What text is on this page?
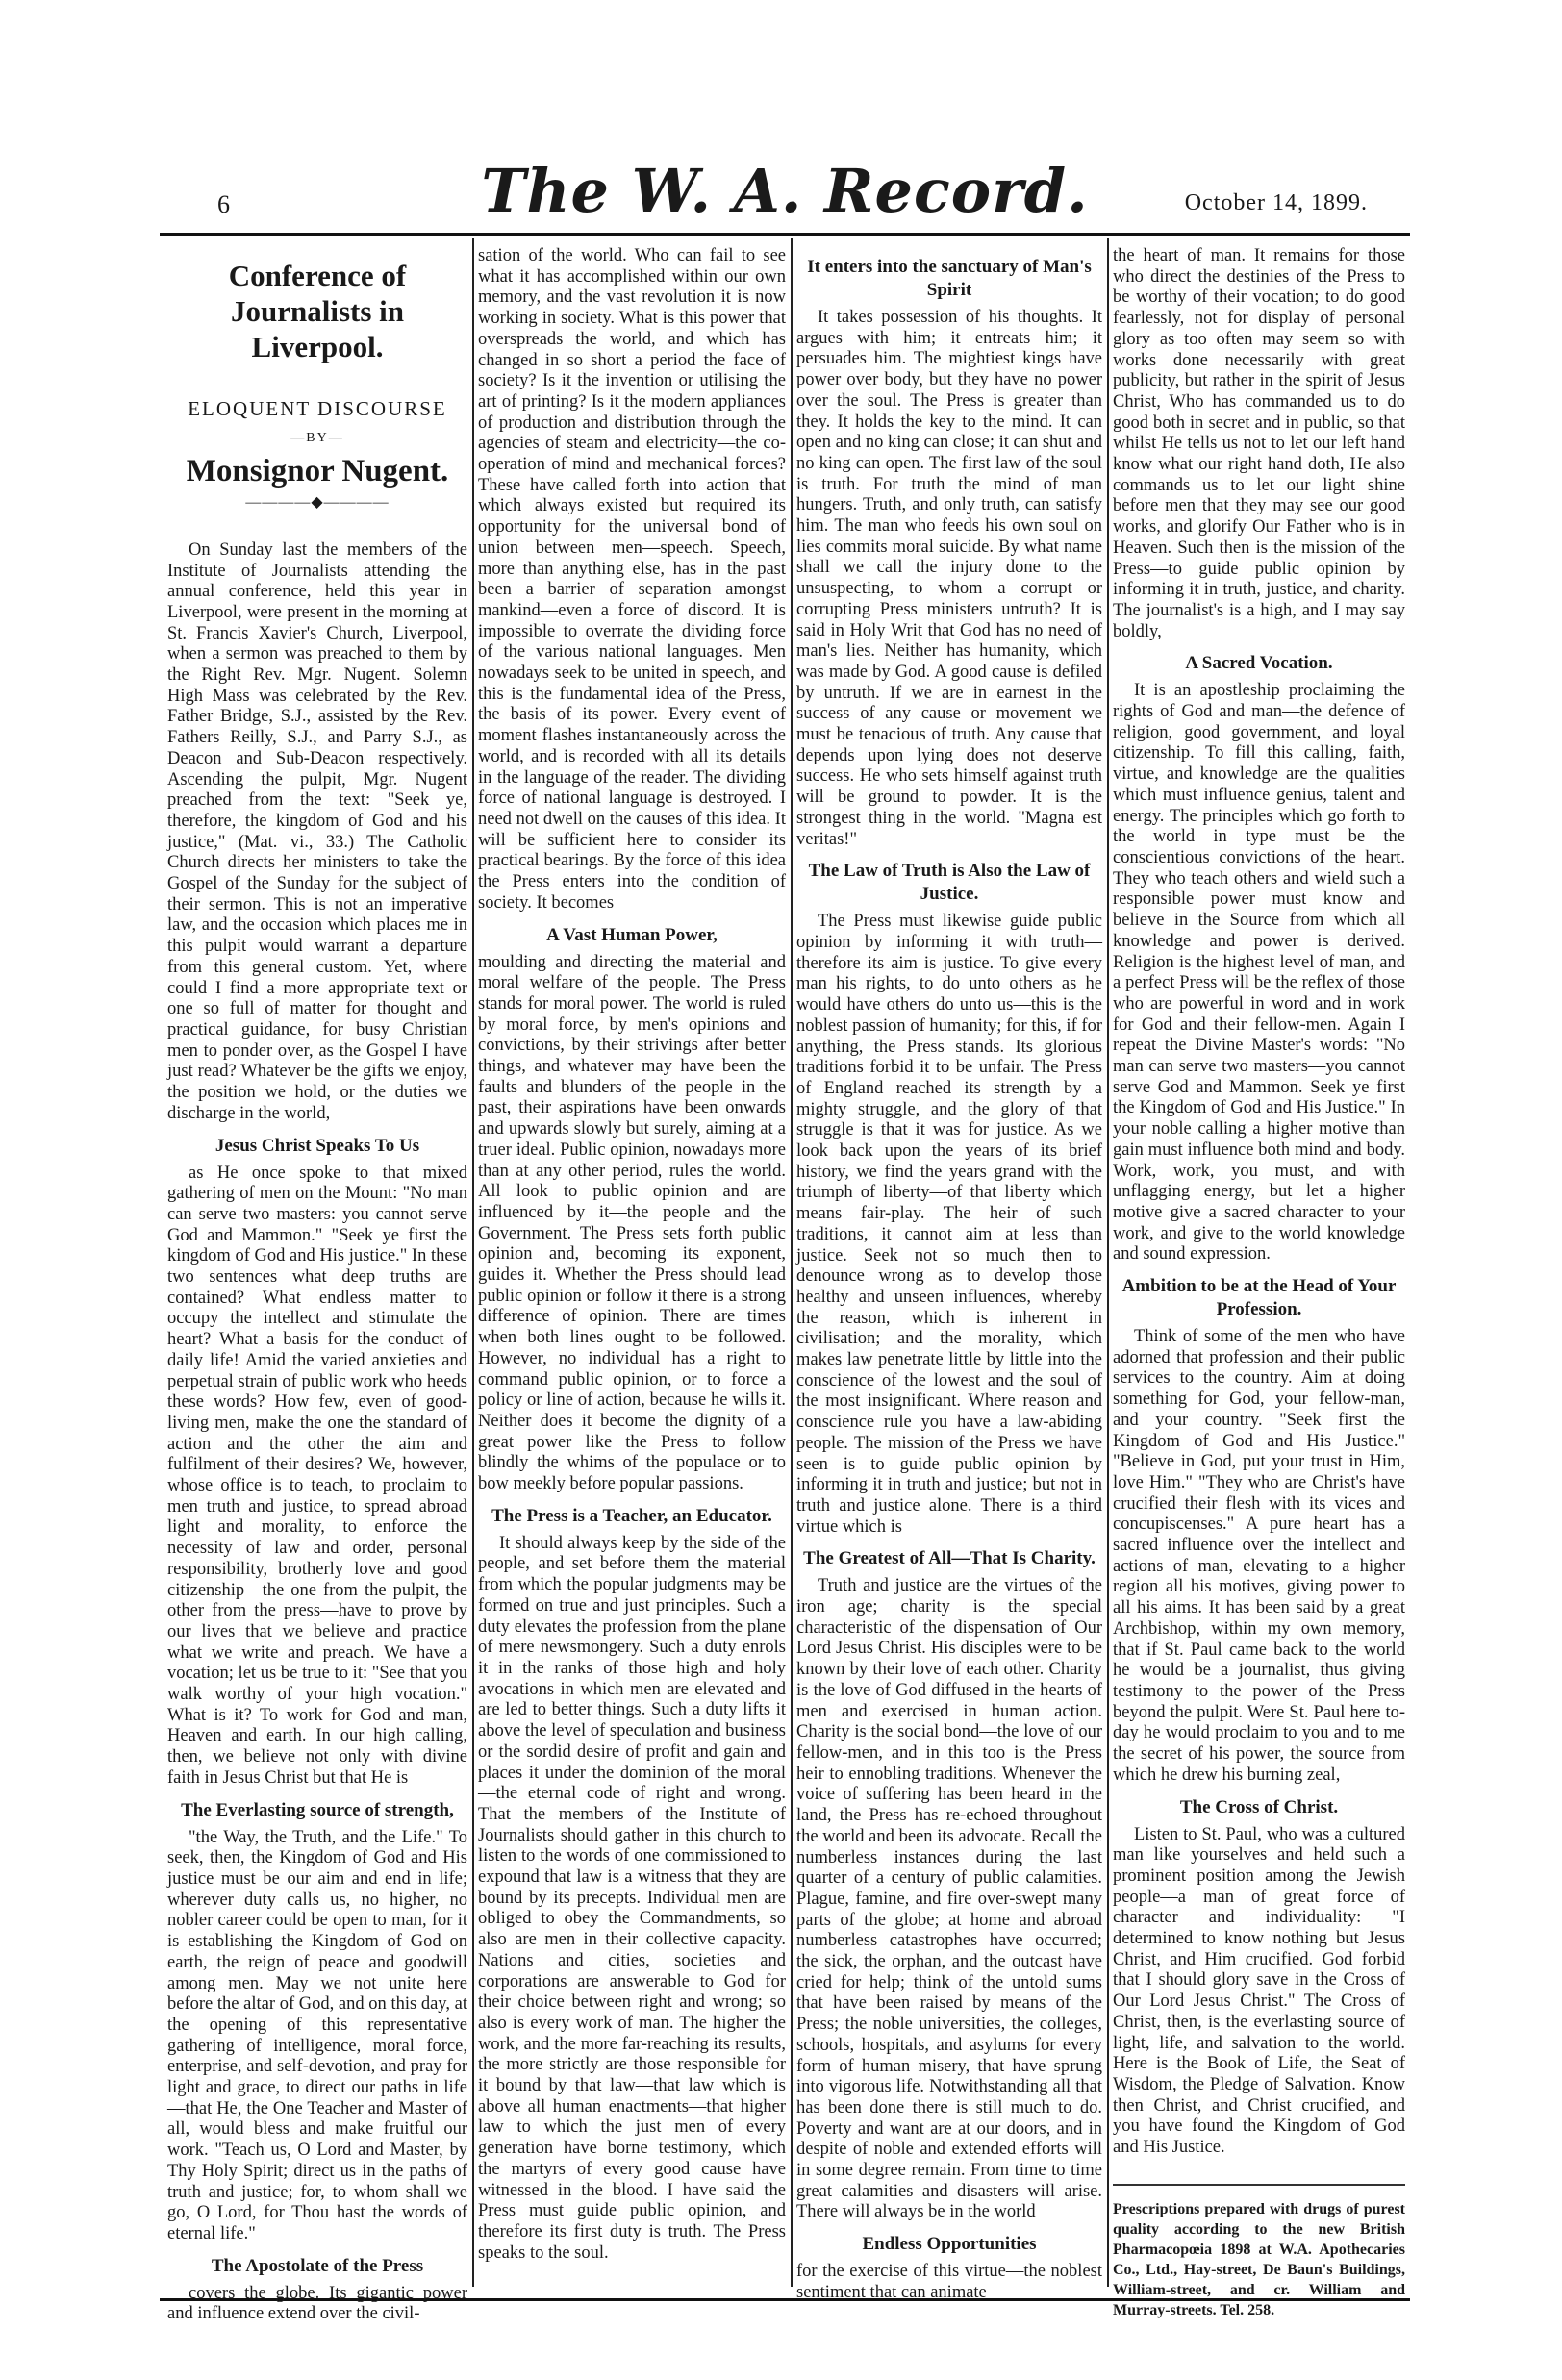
6	The W. A. Record.	October 14, 1899.
Conference of Journalists in Liverpool.
ELOQUENT DISCOURSE
—BY—
Monsignor Nugent.
————◆————

On Sunday last the members of the Institute of Journalists attending the annual conference, held this year in Liverpool, were present in the morning at St. Francis Xavier's Church, Liverpool, when a sermon was preached to them by the Right Rev. Mgr. Nugent. Solemn High Mass was celebrated by the Rev. Father Bridge, S.J., assisted by the Rev. Fathers Reilly, S.J., and Parry S.J., as Deacon and Sub-Deacon respectively. Ascending the pulpit, Mgr. Nugent preached from the text: "Seek ye, therefore, the kingdom of God and his justice," (Mat. vi., 33.) The Catholic Church directs her ministers to take the Gospel of the Sunday for the subject of their sermon. This is not an imperative law, and the occasion which places me in this pulpit would warrant a departure from this general custom. Yet, where could I find a more appropriate text or one so full of matter for thought and practical guidance, for busy Christian men to ponder over, as the Gospel I have just read? Whatever be the gifts we enjoy, the position we hold, or the duties we discharge in the world,

Jesus Christ Speaks To Us

as He once spoke to that mixed gathering of men on the Mount: "No man can serve two masters: you cannot serve God and Mammon." "Seek ye first the kingdom of God and His justice." In these two sentences what deep truths are contained? What endless matter to occupy the intellect and stimulate the heart? What a basis for the conduct of daily life! Amid the varied anxieties and perpetual strain of public work who heeds these words? How few, even of good-living men, make the one the standard of action and the other the aim and fulfilment of their desires? We, however, whose office is to teach, to proclaim to men truth and justice, to spread abroad light and morality, to enforce the necessity of law and order, personal responsibility, brotherly love and good citizenship—the one from the pulpit, the other from the press—have to prove by our lives that we believe and practice what we write and preach. We have a vocation; let us be true to it: "See that you walk worthy of your high vocation." What is it? To work for God and man, Heaven and earth. In our high calling, then, we believe not only with divine faith in Jesus Christ but that He is

The Everlasting source of strength,

"the Way, the Truth, and the Life." To seek, then, the Kingdom of God and His justice must be our aim and end in life; wherever duty calls us, no higher, no nobler career could be open to man, for it is establishing the Kingdom of God on earth, the reign of peace and goodwill among men. May we not unite here before the altar of God, and on this day, at the opening of this representative gathering of intelligence, moral force, enterprise, and self-devotion, and pray for light and grace, to direct our paths in life—that He, the One Teacher and Master of all, would bless and make fruitful our work. "Teach us, O Lord and Master, by Thy Holy Spirit; direct us in the paths of truth and justice; for, to whom shall we go, O Lord, for Thou hast the words of eternal life."

The Apostolate of the Press

covers the globe. Its gigantic power and influence extend over the civil-

sation of the world. Who can fail to see what it has accomplished within our own memory, and the vast revolution it is now working in society. What is this power that overspreads the world, and which has changed in so short a period the face of society? Is it the invention or utilising the art of printing? Is it the modern appliances of production and distribution through the agencies of steam and electricity—the co-operation of mind and mechanical forces? These have called forth into action that which always existed but required its opportunity for the universal bond of union between men—speech. Speech, more than anything else, has in the past been a barrier of separation amongst mankind—even a force of discord. It is impossible to overrate the dividing force of the various national languages. Men nowadays seek to be united in speech, and this is the fundamental idea of the Press, the basis of its power. Every event of moment flashes instantaneously across the world, and is recorded with all its details in the language of the reader. The dividing force of national language is destroyed. I need not dwell on the causes of this idea. It will be sufficient here to consider its practical bearings. By the force of this idea the Press enters into the condition of society. It becomes

A Vast Human Power,

moulding and directing the material and moral welfare of the people. The Press stands for moral power. The world is ruled by moral force, by men's opinions and convictions, by their strivings after better things, and whatever may have been the faults and blunders of the people in the past, their aspirations have been onwards and upwards slowly but surely, aiming at a truer ideal. Public opinion, nowadays more than at any other period, rules the world. All look to public opinion and are influenced by it—the people and the Government. The Press sets forth public opinion and, becoming its exponent, guides it. Whether the Press should lead public opinion or follow it there is a strong difference of opinion. There are times when both lines ought to be followed. However, no individual has a right to command public opinion, or to force a policy or line of action, because he wills it. Neither does it become the dignity of a great power like the Press to follow blindly the whims of the populace or to bow meekly before popular passions.

The Press is a Teacher, an Educator.

It should always keep by the side of the people, and set before them the material from which the popular judgments may be formed on true and just principles. Such a duty elevates the profession from the plane of mere newsmongery. Such a duty enrols it in the ranks of those high and holy avocations in which men are elevated and are led to better things. Such a duty lifts it above the level of speculation and business or the sordid desire of profit and gain and places it under the dominion of the moral—the eternal code of right and wrong. That the members of the Institute of Journalists should gather in this church to listen to the words of one commissioned to expound that law is a witness that they are bound by its precepts. Individual men are obliged to obey the Commandments, so also are men in their collective capacity. Nations and cities, societies and corporations are answerable to God for their choice between right and wrong; so also is every work of man. The higher the work, and the more far-reaching its results, the more strictly are those responsible for it bound by that law—that law which is above all human enactments—that higher law to which the just men of every generation have borne testimony, which the martyrs of every good cause have witnessed in the blood. I have said the Press must guide public opinion, and therefore its first duty is truth. The Press speaks to the soul.

It enters into the sanctuary of Man's Spirit

It takes possession of his thoughts. It argues with him; it entreats him; it persuades him. The mightiest kings have power over body, but they have no power over the soul. The Press is greater than they. It holds the key to the mind. It can open and no king can close; it can shut and no king can open. The first law of the soul is truth. For truth the mind of man hungers. Truth, and only truth, can satisfy him. The man who feeds his own soul on lies commits moral suicide. By what name shall we call the injury done to the unsuspecting, to whom a corrupt or corrupting Press ministers untruth? It is said in Holy Writ that God has no need of man's lies. Neither has humanity, which was made by God. A good cause is defiled by untruth. If we are in earnest in the success of any cause or movement we must be tenacious of truth. Any cause that depends upon lying does not deserve success. He who sets himself against truth will be ground to powder. It is the strongest thing in the world. "Magna est veritas!"

The Law of Truth is Also the Law of Justice.

The Press must likewise guide public opinion by informing it with truth—therefore its aim is justice. To give every man his rights, to do unto others as he would have others do unto us—this is the noblest passion of humanity; for this, if for anything, the Press stands. Its glorious traditions forbid it to be unfair. The Press of England reached its strength by a mighty struggle, and the glory of that struggle is that it was for justice. As we look back upon the years of its brief history, we find the years grand with the triumph of liberty—of that liberty which means fair-play. The heir of such traditions, it cannot aim at less than justice. Seek not so much then to denounce wrong as to develop those healthy and unseen influences, whereby the reason, which is inherent in civilisation; and the morality, which makes law penetrate little by little into the conscience of the lowest and the soul of the most insignificant. Where reason and conscience rule you have a law-abiding people. The mission of the Press we have seen is to guide public opinion by informing it in truth and justice; but not in truth and justice alone. There is a third virtue which is

The Greatest of All—That Is Charity.

Truth and justice are the virtues of the iron age; charity is the special characteristic of the dispensation of Our Lord Jesus Christ. His disciples were to be known by their love of each other. Charity is the love of God diffused in the hearts of men and exercised in human action. Charity is the social bond—the love of our fellow-men, and in this too is the Press heir to ennobling traditions. Whenever the voice of suffering has been heard in the land, the Press has re-echoed throughout the world and been its advocate. Recall the numberless instances during the last quarter of a century of public calamities. Plague, famine, and fire over-swept many parts of the globe; at home and abroad numberless catastrophes have occurred; the sick, the orphan, and the outcast have cried for help; think of the untold sums that have been raised by means of the Press; the noble universities, the colleges, schools, hospitals, and asylums for every form of human misery, that have sprung into vigorous life. Notwithstanding all that has been done there is still much to do. Poverty and want are at our doors, and in despite of noble and extended efforts will in some degree remain. From time to time great calamities and disasters will arise. There will always be in the world

Endless Opportunities

for the exercise of this virtue—the noblest sentiment that can animate

the heart of man. It remains for those who direct the destinies of the Press to be worthy of their vocation; to do good fearlessly, not for display of personal glory as too often may seem so with works done necessarily with great publicity, but rather in the spirit of Jesus Christ, Who has commanded us to do good both in secret and in public, so that whilst He tells us not to let our left hand know what our right hand doth, He also commands us to let our light shine before men that they may see our good works, and glorify Our Father who is in Heaven. Such then is the mission of the Press—to guide public opinion by informing it in truth, justice, and charity. The journalist's is a high, and I may say boldly,

A Sacred Vocation.

It is an apostleship proclaiming the rights of God and man—the defence of religion, good government, and loyal citizenship. To fill this calling, faith, virtue, and knowledge are the qualities which must influence genius, talent and energy. The principles which go forth to the world in type must be the conscientious convictions of the heart. They who teach others and wield such a responsible power must know and believe in the Source from which all knowledge and power is derived. Religion is the highest level of man, and a perfect Press will be the reflex of those who are powerful in word and in work for God and their fellow-men. Again I repeat the Divine Master's words: "No man can serve two masters—you cannot serve God and Mammon. Seek ye first the Kingdom of God and His Justice." In your noble calling a higher motive than gain must influence both mind and body. Work, work, you must, and with unflagging energy, but let a higher motive give a sacred character to your work, and give to the world knowledge and sound expression.

Ambition to be at the Head of Your Profession.

Think of some of the men who have adorned that profession and their public services to the country. Aim at doing something for God, your fellow-man, and your country. "Seek first the Kingdom of God and His Justice." "Believe in God, put your trust in Him, love Him." "They who are Christ's have crucified their flesh with its vices and concupiscenses." A pure heart has a sacred influence over the intellect and actions of man, elevating to a higher region all his motives, giving power to all his aims. It has been said by a great Archbishop, within my own memory, that if St. Paul came back to the world he would be a journalist, thus giving testimony to the power of the Press beyond the pulpit. Were St. Paul here to-day he would proclaim to you and to me the secret of his power, the source from which he drew his burning zeal,

The Cross of Christ.

Listen to St. Paul, who was a cultured man like yourselves and held such a prominent position among the Jewish people—a man of great force of character and individuality: "I determined to know nothing but Jesus Christ, and Him crucified. God forbid that I should glory save in the Cross of Our Lord Jesus Christ." The Cross of Christ, then, is the everlasting source of light, life, and salvation to the world. Here is the Book of Life, the Seat of Wisdom, the Pledge of Salvation. Know then Christ, and Christ crucified, and you have found the Kingdom of God and His Justice.

Prescriptions prepared with drugs of purest quality according to the new British Pharmacopœia 1898 at W.A. Apothecaries Co., Ltd., Hay-street, De Baun's Buildings, William-street, and cr. William and Murray-streets. Tel. 258.
